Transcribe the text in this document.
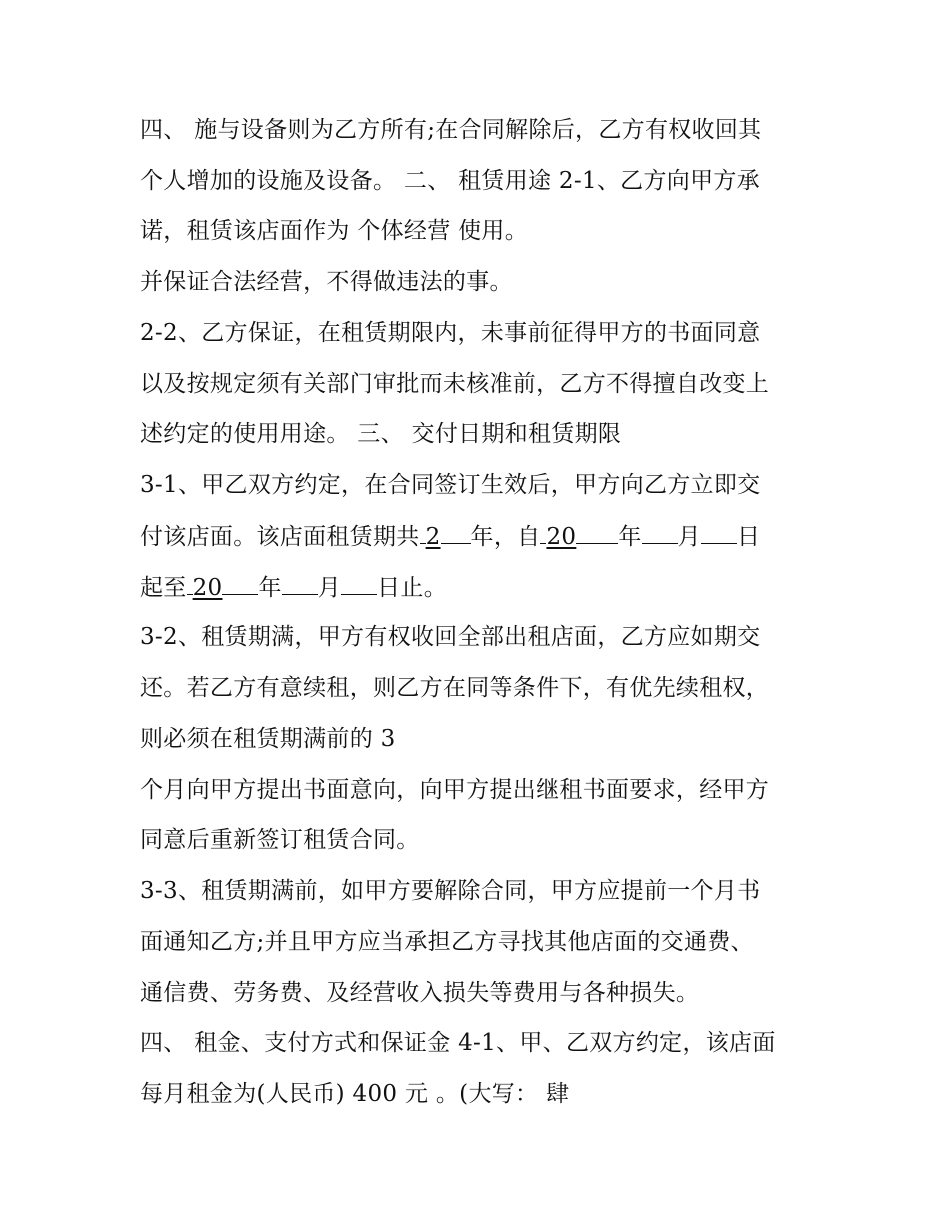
四、 施与设备则为乙方所有;在合同解除后，乙方有权收回其
个人增加的设施及设备。 二、 租赁用途 2-1、乙方向甲方承
诺，租赁该店面作为 个体经营 使用。
并保证合法经营，不得做违法的事。
2-2、乙方保证，在租赁期限内，未事前征得甲方的书面同意
以及按规定须有关部门审批而未核准前，乙方不得擅自改变上
述约定的使用用途。 三、 交付日期和租赁期限
3-1、甲乙双方约定，在合同签订生效后，甲方向乙方立即交
付该店面。该店面租赁期共 2 年，自 20 年 月 日
起至 20 年 月 日止。
3-2、租赁期满，甲方有权收回全部出租店面，乙方应如期交
还。若乙方有意续租，则乙方在同等条件下，有优先续租权，
则必须在租赁期满前的 3
个月向甲方提出书面意向，向甲方提出继租书面要求，经甲方
同意后重新签订租赁合同。
3-3、租赁期满前，如甲方要解除合同，甲方应提前一个月书
面通知乙方;并且甲方应当承担乙方寻找其他店面的交通费、
通信费、劳务费、及经营收入损失等费用与各种损失。
四、 租金、支付方式和保证金 4-1、甲、乙双方约定，该店面
每月租金为(人民币) 400 元 。(大写： 肆
